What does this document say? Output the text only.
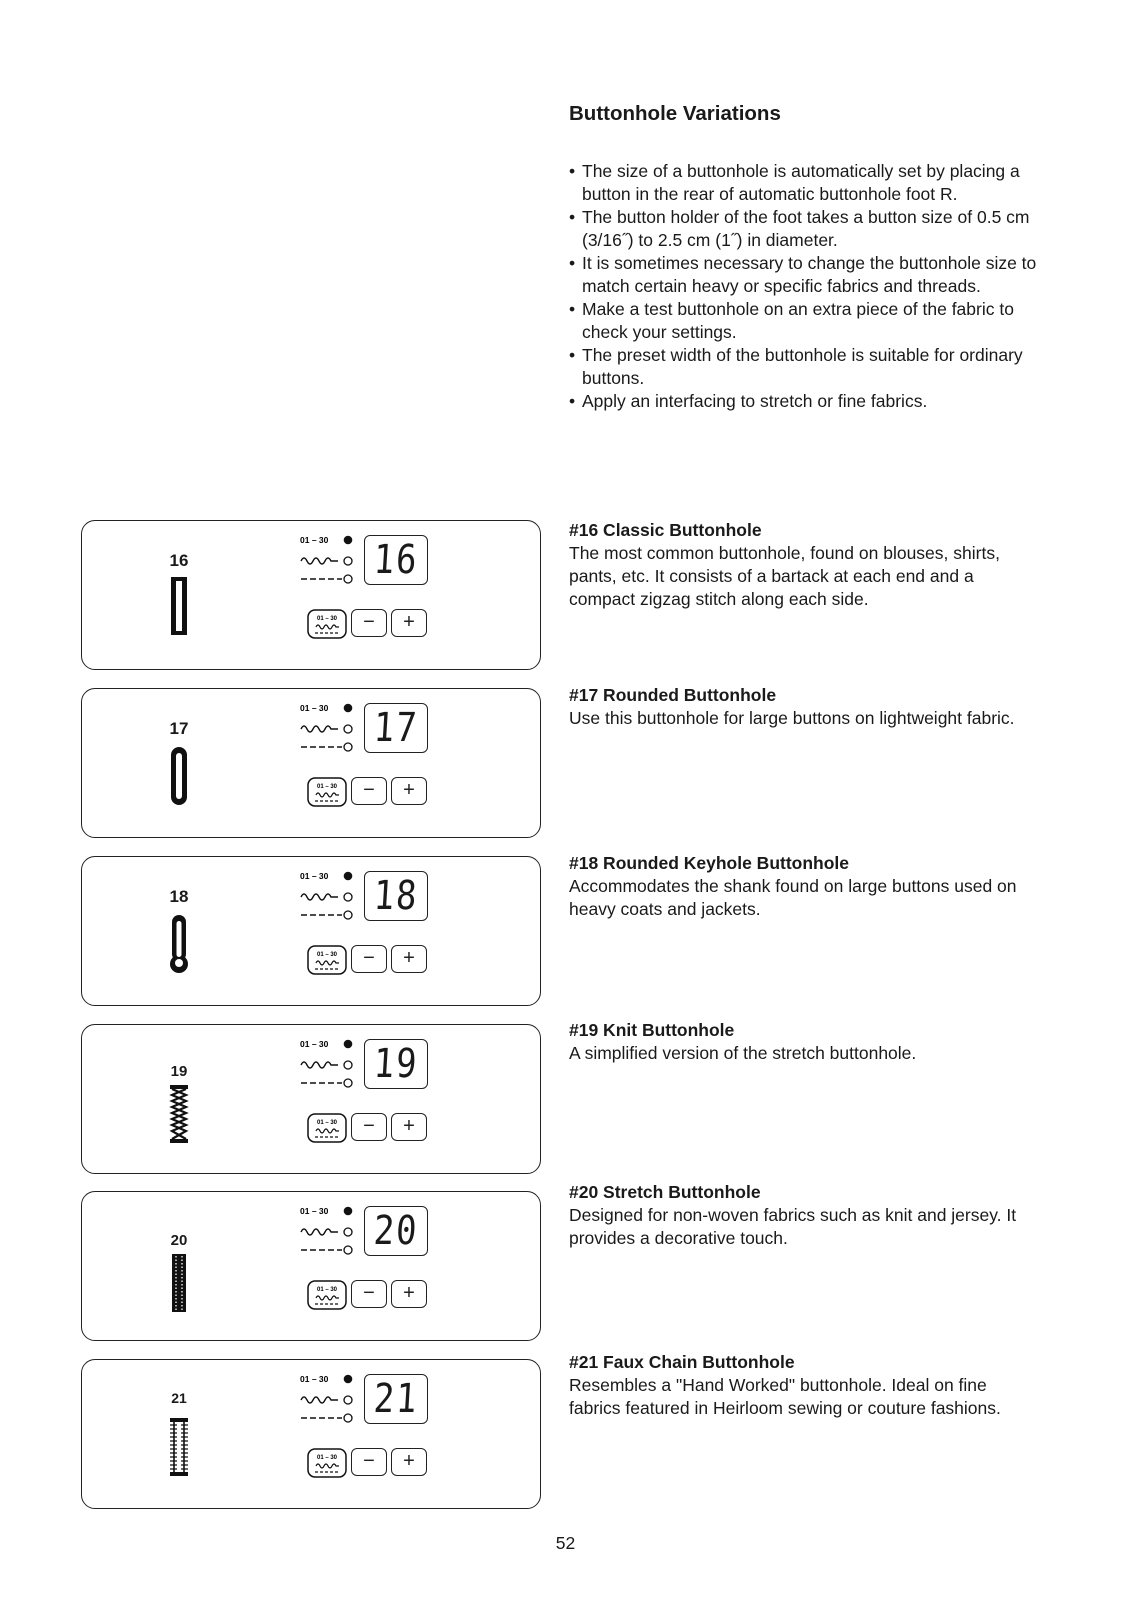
Buttonhole Variations
• The size of a buttonhole is automatically set by placing a button in the rear of automatic buttonhole foot R.
• The button holder of the foot takes a button size of 0.5 cm (3/16˝) to 2.5 cm (1˝) in diameter.
• It is sometimes necessary to change the buttonhole size to match certain heavy or specific fabrics and threads.
• Make a test buttonhole on an extra piece of the fabric to check your settings.
• The preset width of the buttonhole is suitable for ordinary buttons.
• Apply an interfacing to stretch or fine fabrics.
16
01 – 30 16
01 – 30	−	+
17
01 – 30 17
01 – 30	−	+
18
01 – 30 18
01 – 30	−	+
19
01 – 30 19
01 – 30	−	+
20
01 – 30 20
01 – 30	−	+
21
01 – 30 21
01 – 30	−	+
#16 Classic Buttonhole

The most common buttonhole, found on blouses, shirts, pants, etc. It consists of a bartack at each end and a compact zigzag stitch along each side.

#17 Rounded Buttonhole

Use this buttonhole for large buttons on lightweight fabric.

#18 Rounded Keyhole Buttonhole

Accommodates the shank found on large buttons used on heavy coats and jackets.

#19 Knit Buttonhole

A simplified version of the stretch buttonhole.

#20 Stretch Buttonhole

Designed for non-woven fabrics such as knit and jersey. It provides a decorative touch.

#21 Faux Chain Buttonhole

Resembles a "Hand Worked" buttonhole. Ideal on fine fabrics featured in Heirloom sewing or couture fashions.

52
